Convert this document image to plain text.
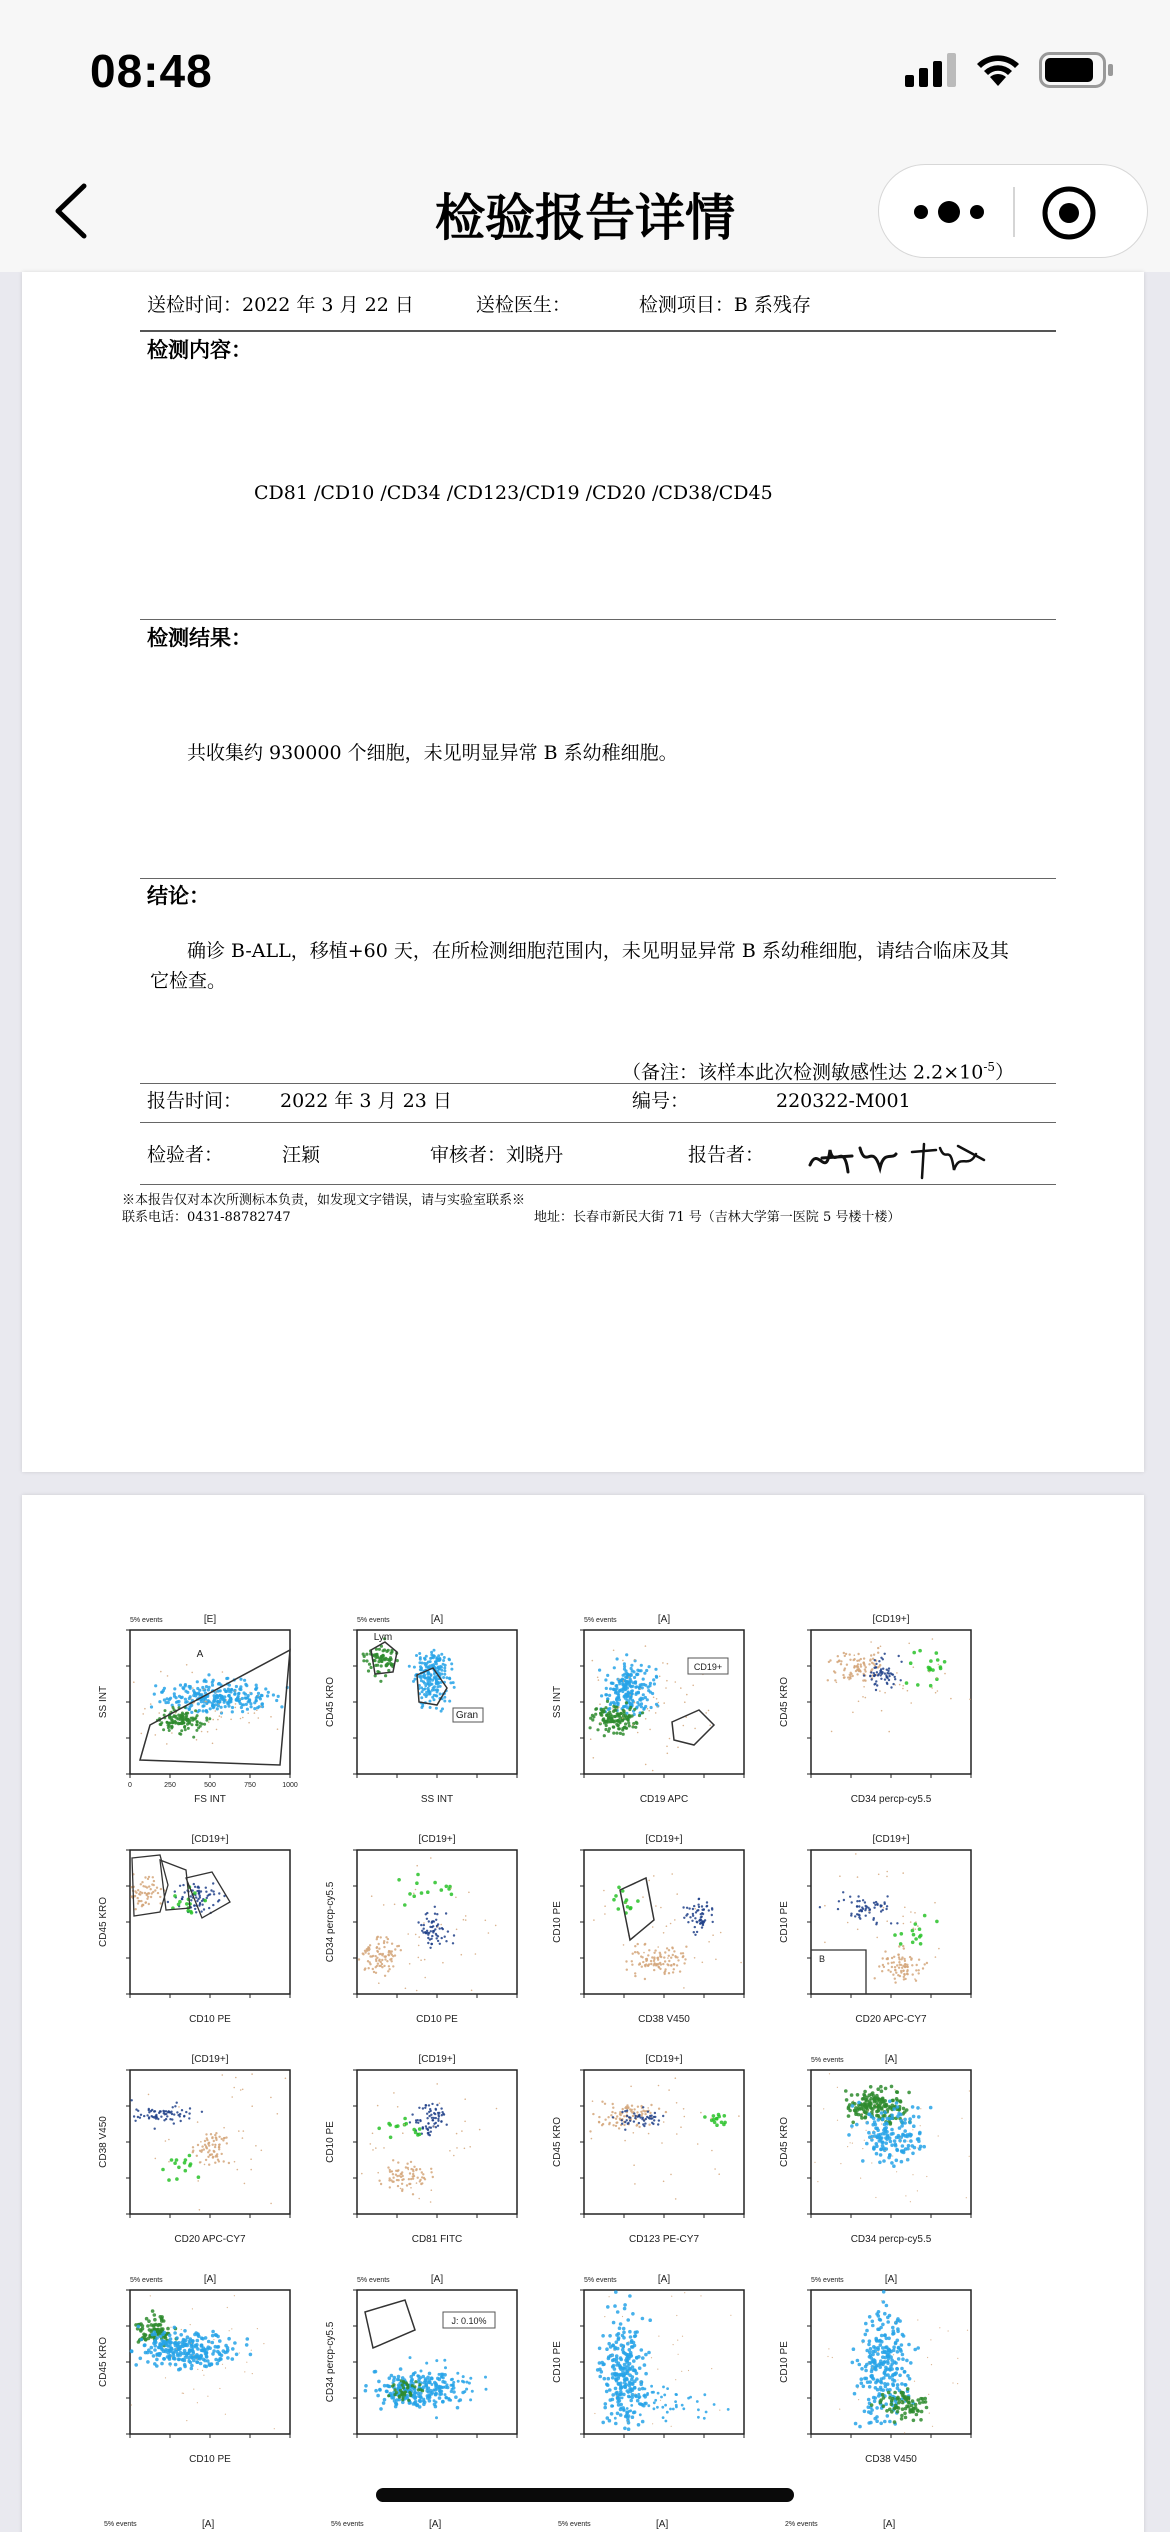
08:48
检验报告详情
送检时间：2022 年 3 月 22 日	送检医生：	检测项目：B 系残存
检测内容：
CD81 /CD10 /CD34 /CD123/CD19 /CD20 /CD38/CD45
检测结果：
共收集约 930000 个细胞，未见明显异常 B 系幼稚细胞。
结论：
确诊 B-ALL，移植+60 天，在所检测细胞范围内，未见明显异常 B 系幼稚细胞，请结合临床及其
它检查。
（备注：该样本此次检测敏感性达 $2.2\times 10^{-5}$）
报告时间： 2022 年 3 月 23 日	编号：	220322-M001
检验者：	汪颖	审核者：刘晓丹	报告者：
※本报告仅对本次所测标本负责，如发现文字错误，请与实验室联系※
联系电话：0431-88782747	地址：长春市新民大街 71 号（吉林大学第一医院 5 号楼十楼）
[E]
5% events
A
0	250	500	750	1000
FS INT
SS INT
[A]
5% events
Lym
Gran
SS INT
CD45 KRO
[A]
5% events
CD19+
CD19 APC
SS INT
[CD19+]
CD34 percp-cy5.5
CD45 KRO
[CD19+]
CD10 PE
CD45 KRO
[CD19+]
CD10 PE
CD34 percp-cy5.5
[CD19+]
CD38 V450
CD10 PE
[CD19+]
B
CD20 APC-CY7
CD10 PE
[CD19+]
CD20 APC-CY7
CD38 V450
[CD19+]
CD81 FITC
CD10 PE
[CD19+]
CD123 PE-CY7
CD45 KRO
[A]
5% events
CD34 percp-cy5.5
CD45 KRO
[A]
5% events
CD10 PE
CD45 KRO
[A]
5% events
J: 0.10%
CD34 percp-cy5.5
[A]
5% events
CD10 PE
[A]
5% events
CD38 V450
CD10 PE
5% events	[A]	5% events	[A]	5% events	[A]	2% events	[A]
